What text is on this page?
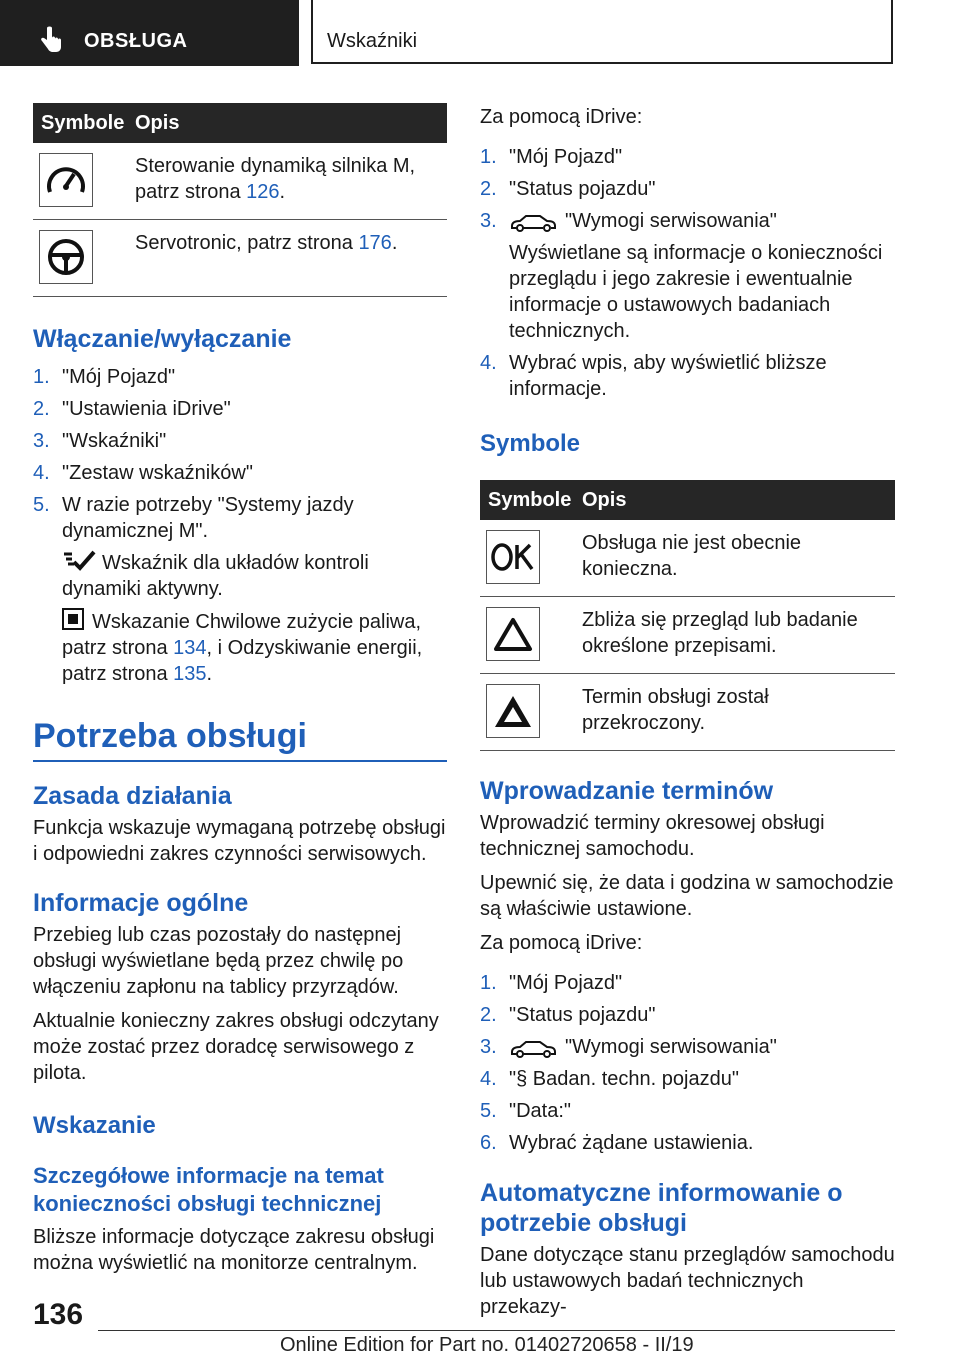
OBSŁUGA	Wskaźniki
Symbole	Opis

	Sterowanie dynamiką silnika M, patrz strona 126.

	Servotronic, patrz strona 176.
Włączanie/wyłączanie
1. "Mój Pojazd"
2. "Ustawienia iDrive"
3. "Wskaźniki"
4. "Zestaw wskaźników"
5. W razie potrzeby "Systemy jazdy dynamicznej M".

Wskaźnik dla układów kontroli dynamiki aktywny.

Wskazanie Chwilowe zużycie paliwa, patrz strona 134, i Odzyskiwanie energii, patrz strona 135.

Potrzeba obsługi
Zasada działania

Funkcja wskazuje wymaganą potrzebę obsługi i odpowiedni zakres czynności serwisowych.

Informacje ogólne

Przebieg lub czas pozostały do następnej obsługi wyświetlane będą przez chwilę po włączeniu zapłonu na tablicy przyrządów.

Aktualnie konieczny zakres obsługi odczytany może zostać przez doradcę serwisowego z pilota.

Wskazanie
Szczegółowe informacje na temat konieczności obsługi technicznej

Bliższe informacje dotyczące zakresu obsługi można wyświetlić na monitorze centralnym.

Za pomocą iDrive:

1. "Mój Pojazd"
2. "Status pojazdu"
3.	"Wymogi serwisowania"
Wyświetlane są informacje o konieczności przeglądu i jego zakresie i ewentualnie informacje o ustawowych badaniach technicznych.
4. Wybrać wpis, aby wyświetlić bliższe informacje.
Symbole
Symbole	Opis

	Obsługa nie jest obecnie konieczna.

	Zbliża się przegląd lub badanie określone przepisami.

	Termin obsługi został przekroczony.
Wprowadzanie terminów

Wprowadzić terminy okresowej obsługi technicznej samochodu.

Upewnić się, że data i godzina w samochodzie są właściwie ustawione.

Za pomocą iDrive:

1. "Mój Pojazd"
2. "Status pojazdu"
3.	"Wymogi serwisowania"
4. "§ Badan. techn. pojazdu"
5. "Data:"
6. Wybrać żądane ustawienia.
Automatyczne informowanie o potrzebie obsługi

Dane dotyczące stanu przeglądów samochodu lub ustawowych badań technicznych przekazy-

136
Online Edition for Part no. 01402720658 - II/19
